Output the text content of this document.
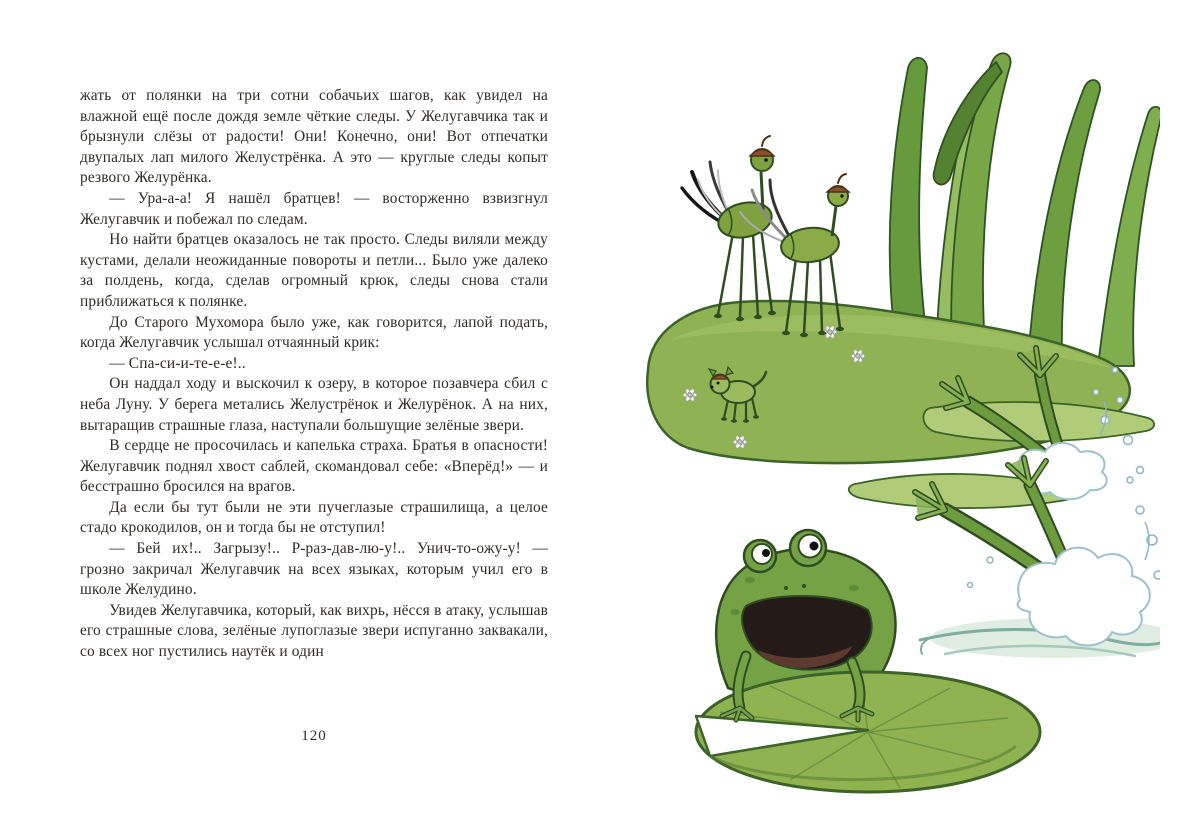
жать от полянки на три сотни собачьих шагов, как увидел на влажной ещё после дождя земле чёткие следы. У Желугавчика так и брызнули слёзы от радости! Они! Конечно, они! Вот отпечатки двупалых лап милого Желустрёнка. А это — круглые следы копыт резвого Желурёнка.

— Ура-а-а! Я нашёл братцев! — восторженно взвизгнул Желугавчик и побежал по следам.

Но найти братцев оказалось не так просто. Следы виляли между кустами, делали неожиданные повороты и петли... Было уже далеко за полдень, когда, сделав огромный крюк, следы снова стали приближаться к полянке.

До Старого Мухомора было уже, как говорится, лапой подать, когда Желугавчик услышал отчаянный крик:

— Спа-си-и-те-е-е!..

Он наддал ходу и выскочил к озеру, в которое позавчера сбил с неба Луну. У берега метались Желустрёнок и Желурёнок. А на них, вытаращив страшные глаза, наступали большущие зелёные звери.

В сердце не просочилась и капелька страха. Братья в опасности! Желугавчик поднял хвост саблей, скомандовал себе: «Вперёд!» — и бесстрашно бросился на врагов.

Да если бы тут были не эти пучеглазые страшилища, а целое стадо крокодилов, он и тогда бы не отступил!

— Бей их!.. Загрызу!.. Р-раз-дав-лю-у!.. Унич-то-ожу-у! — грозно закричал Желугавчик на всех языках, которым учил его в школе Желудино.

Увидев Желугавчика, который, как вихрь, нёсся в атаку, услышав его страшные слова, зелёные лупоглазые звери испуганно заквакали, со всех ног пустились наутёк и один

120
